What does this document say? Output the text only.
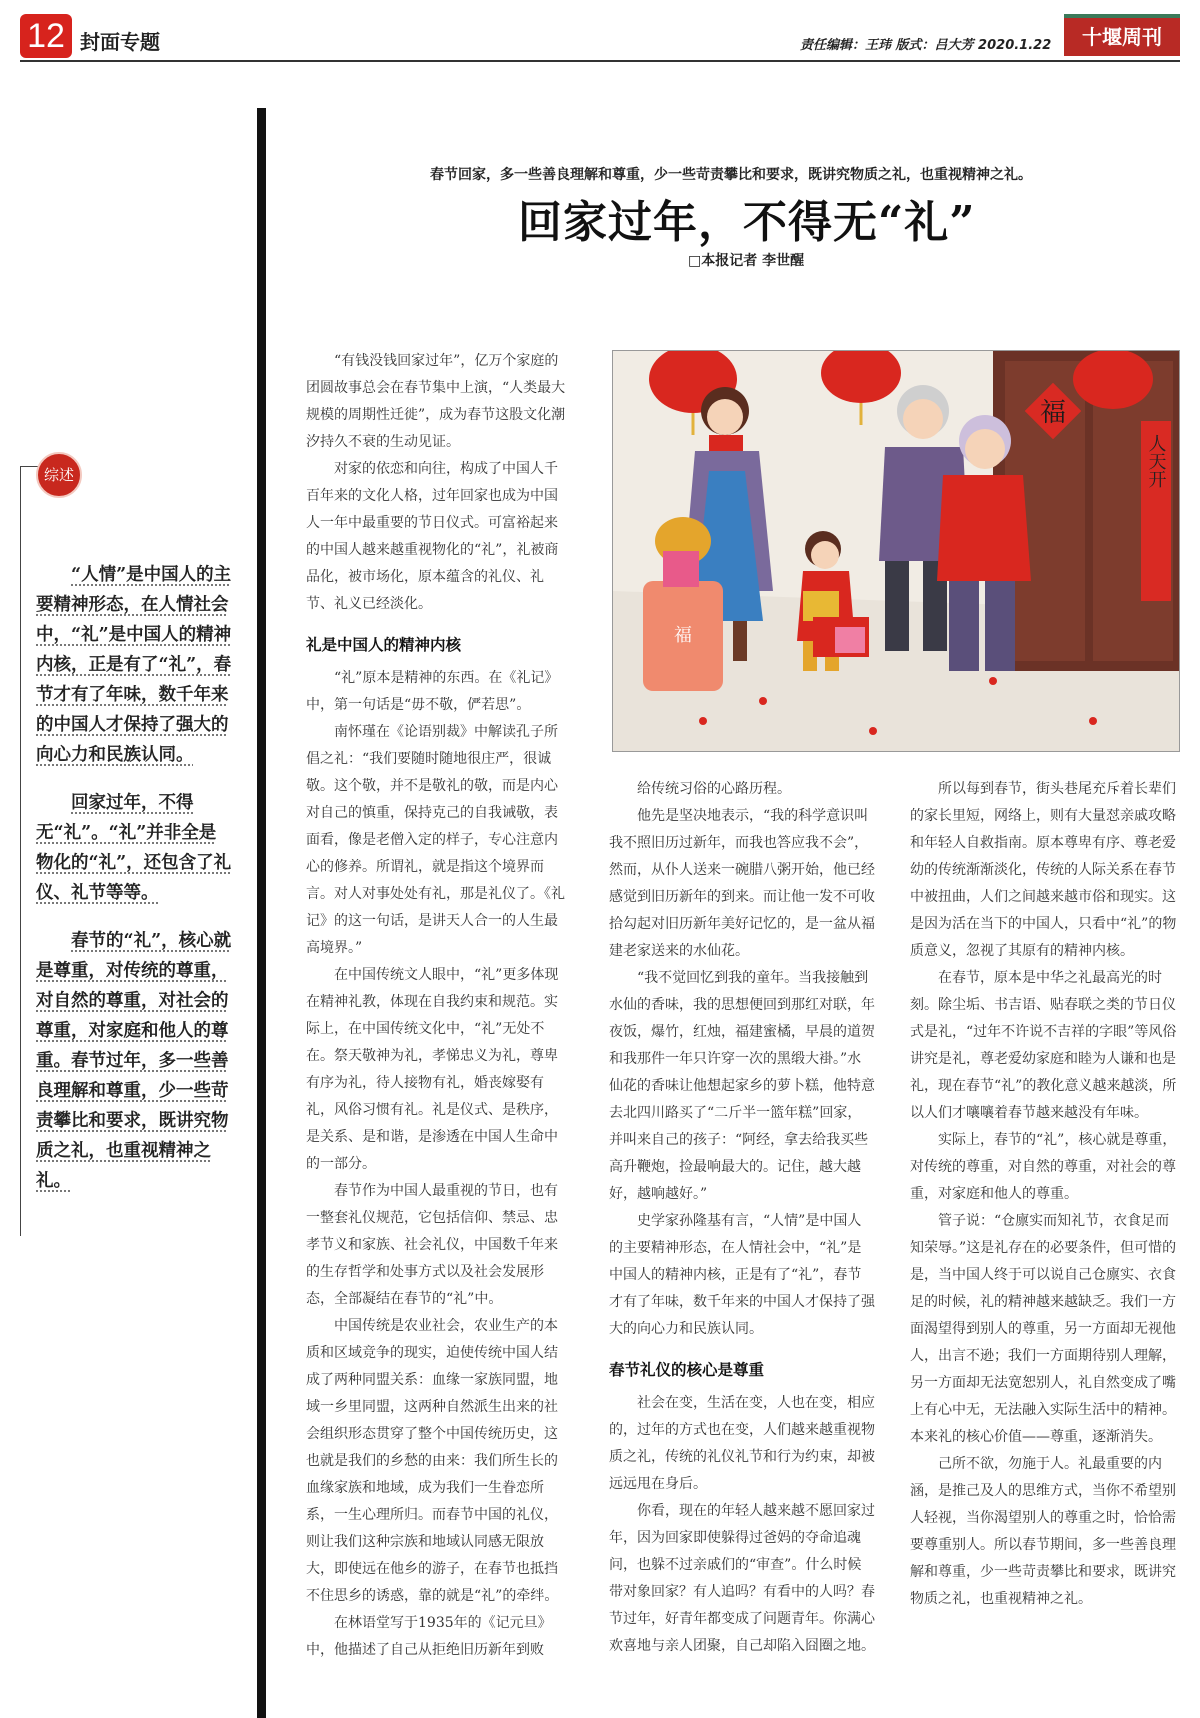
12 封面专题	责任编辑：王玮 版式：吕大芳 2020.1.22	十堰周刊
综述

“人情”是中国人的主要精神形态，在人情社会中，“礼”是中国人的精神内核，正是有了“礼”，春节才有了年味，数千年来的中国人才保持了强大的向心力和民族认同。

回家过年，不得无“礼”。“礼”并非全是物化的“礼”，还包含了礼仪、礼节等等。

春节的“礼”，核心就是尊重，对传统的尊重，对自然的尊重，对社会的尊重，对家庭和他人的尊重。春节过年，多一些善良理解和尊重，少一些苛责攀比和要求，既讲究物质之礼，也重视精神之礼。

春节回家，多一些善良理解和尊重，少一些苛责攀比和要求，既讲究物质之礼，也重视精神之礼。
回家过年，不得无“礼”
□本报记者 李世醒

“有钱没钱回家过年”，亿万个家庭的团圆故事总会在春节集中上演，“人类最大规模的周期性迁徙”，成为春节这股文化潮汐持久不衰的生动见证。

对家的依恋和向往，构成了中国人千百年来的文化人格，过年回家也成为中国人一年中最重要的节日仪式。可富裕起来的中国人越来越重视物化的“礼”，礼被商品化，被市场化，原本蕴含的礼仪、礼节、礼义已经淡化。

礼是中国人的精神内核

“礼”原本是精神的东西。在《礼记》中，第一句话是“毋不敬，俨若思”。

南怀瑾在《论语别裁》中解读孔子所倡之礼：“我们要随时随地很庄严，很诚敬。这个敬，并不是敬礼的敬，而是内心对自己的慎重，保持克己的自我诫敬，表面看，像是老僧入定的样子，专心注意内心的修养。所谓礼，就是指这个境界而言。对人对事处处有礼，那是礼仪了。《礼记》的这一句话，是讲天人合一的人生最高境界。”

在中国传统文人眼中，“礼”更多体现在精神礼教，体现在自我约束和规范。实际上，在中国传统文化中，“礼”无处不在。祭天敬神为礼，孝悌忠义为礼，尊卑有序为礼，待人接物有礼，婚丧嫁娶有礼，风俗习惯有礼。礼是仪式、是秩序，是关系、是和谐，是渗透在中国人生命中的一部分。

春节作为中国人最重视的节日，也有一整套礼仪规范，它包括信仰、禁忌、忠孝节义和家族、社会礼仪，中国数千年来的生存哲学和处事方式以及社会发展形态，全部凝结在春节的“礼”中。

中国传统是农业社会，农业生产的本质和区域竞争的现实，迫使传统中国人结成了两种同盟关系：血缘一家族同盟，地域一乡里同盟，这两种自然派生出来的社会组织形态贯穿了整个中国传统历史，这也就是我们的乡愁的由来：我们所生长的血缘家族和地域，成为我们一生眷恋所系，一生心理所归。而春节中国的礼仪，则让我们这种宗族和地域认同感无限放大，即使远在他乡的游子，在春节也抵挡不住思乡的诱惑，靠的就是“礼”的牵绊。

在林语堂写于1935年的《记元旦》中，他描述了自己从拒绝旧历新年到败

福
人天开
福

给传统习俗的心路历程。

他先是坚决地表示，“我的科学意识叫我不照旧历过新年，而我也答应我不会”，然而，从仆人送来一碗腊八粥开始，他已经感觉到旧历新年的到来。而让他一发不可收拾勾起对旧历新年美好记忆的，是一盆从福建老家送来的水仙花。

“我不觉回忆到我的童年。当我接触到水仙的香味，我的思想便回到那红对联，年夜饭，爆竹，红烛，福建蜜橘，早晨的道贺和我那件一年只许穿一次的黑缎大褂。”水仙花的香味让他想起家乡的萝卜糕，他特意去北四川路买了“二斤半一篮年糕”回家，并叫来自己的孩子：“阿经，拿去给我买些高升鞭炮，捡最响最大的。记住，越大越好，越响越好。”

史学家孙隆基有言，“人情”是中国人的主要精神形态，在人情社会中，“礼”是中国人的精神内核，正是有了“礼”，春节才有了年味，数千年来的中国人才保持了强大的向心力和民族认同。

春节礼仪的核心是尊重

社会在变，生活在变，人也在变，相应的，过年的方式也在变，人们越来越重视物质之礼，传统的礼仪礼节和行为约束，却被远远甩在身后。

你看，现在的年轻人越来越不愿回家过年，因为回家即使躲得过爸妈的夺命追魂问，也躲不过亲戚们的“审查”。什么时候带对象回家？有人追吗？有看中的人吗？春节过年，好青年都变成了问题青年。你满心欢喜地与亲人团聚，自己却陷入囧圈之地。

所以每到春节，街头巷尾充斥着长辈们的家长里短，网络上，则有大量怼亲戚攻略和年轻人自救指南。原本尊卑有序、尊老爱幼的传统渐渐淡化，传统的人际关系在春节中被扭曲，人们之间越来越市俗和现实。这是因为活在当下的中国人，只看中“礼”的物质意义，忽视了其原有的精神内核。

在春节，原本是中华之礼最高光的时刻。除尘垢、书吉语、贴春联之类的节日仪式是礼，“过年不许说不吉祥的字眼”等风俗讲究是礼，尊老爱幼家庭和睦为人谦和也是礼，现在春节“礼”的教化意义越来越淡，所以人们才嚷嚷着春节越来越没有年味。

实际上，春节的“礼”，核心就是尊重，对传统的尊重，对自然的尊重，对社会的尊重，对家庭和他人的尊重。

管子说：“仓廪实而知礼节，衣食足而知荣辱。”这是礼存在的必要条件，但可惜的是，当中国人终于可以说自己仓廪实、衣食足的时候，礼的精神越来越缺乏。我们一方面渴望得到别人的尊重，另一方面却无视他人，出言不逊；我们一方面期待别人理解，另一方面却无法宽恕别人，礼自然变成了嘴上有心中无，无法融入实际生活中的精神。本来礼的核心价值——尊重，逐渐消失。

己所不欲，勿施于人。礼最重要的内涵，是推己及人的思维方式，当你不希望别人轻视，当你渴望别人的尊重之时，恰恰需要尊重别人。所以春节期间，多一些善良理解和尊重，少一些苛责攀比和要求，既讲究物质之礼，也重视精神之礼。
